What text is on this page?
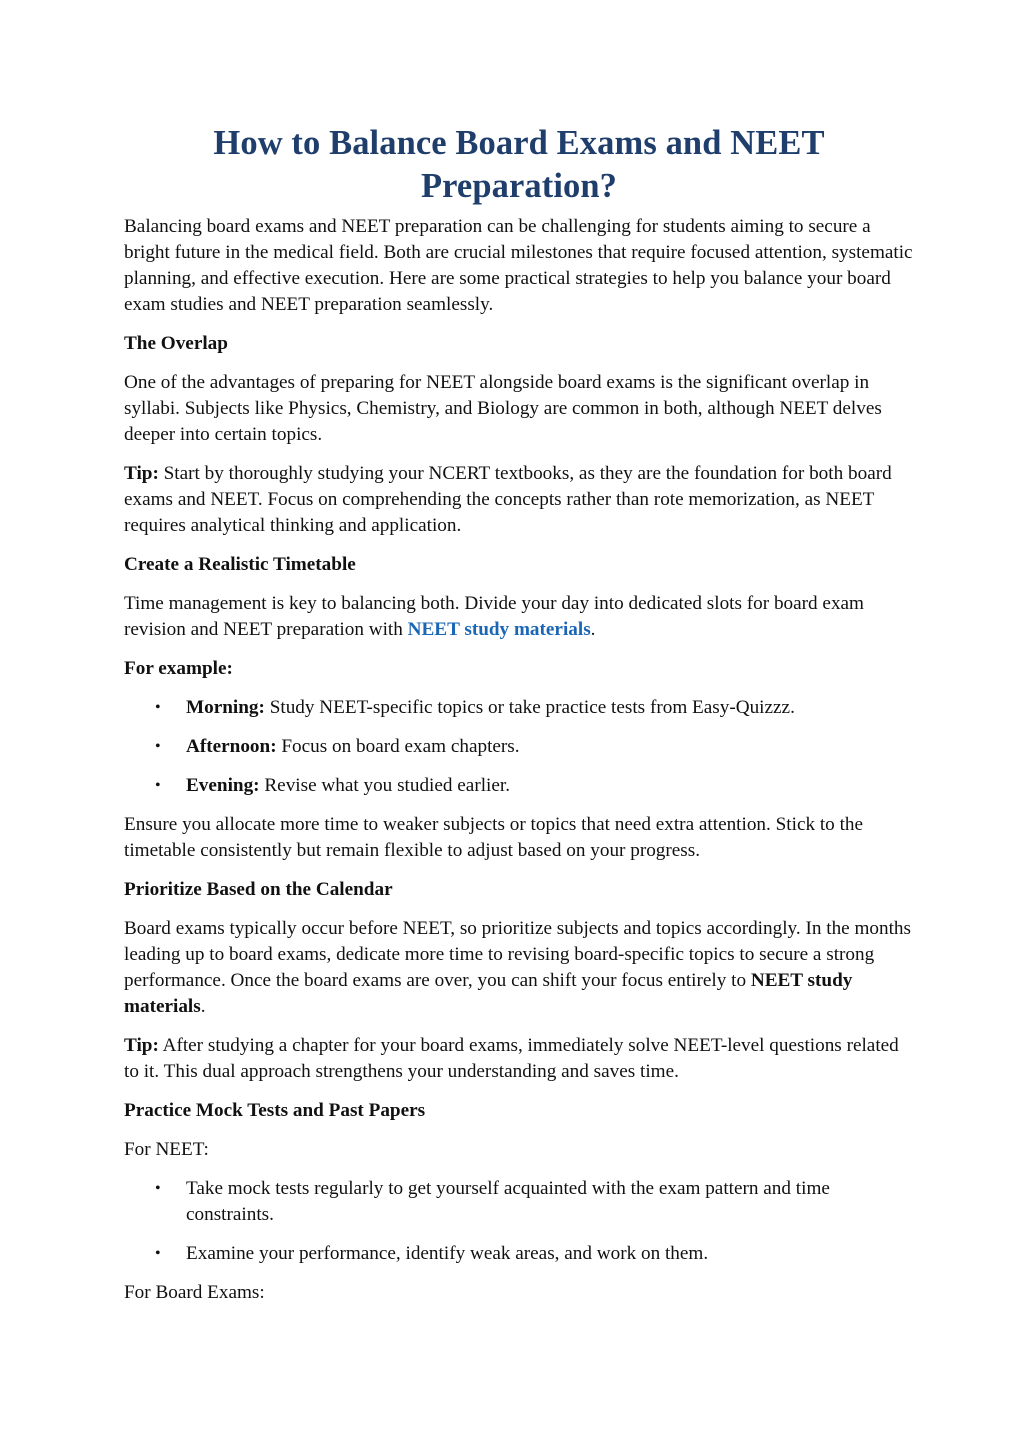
How to Balance Board Exams and NEET
Preparation?

Balancing board exams and NEET preparation can be challenging for students aiming to secure a bright future in the medical field. Both are crucial milestones that require focused attention, systematic planning, and effective execution. Here are some practical strategies to help you balance your board exam studies and NEET preparation seamlessly.

The Overlap

One of the advantages of preparing for NEET alongside board exams is the significant overlap in syllabi. Subjects like Physics, Chemistry, and Biology are common in both, although NEET delves deeper into certain topics.

Tip: Start by thoroughly studying your NCERT textbooks, as they are the foundation for both board exams and NEET. Focus on comprehending the concepts rather than rote memorization, as NEET requires analytical thinking and application.

Create a Realistic Timetable

Time management is key to balancing both. Divide your day into dedicated slots for board exam revision and NEET preparation with NEET study materials.

For example:

• Morning: Study NEET-specific topics or take practice tests from Easy-Quizzz.
• Afternoon: Focus on board exam chapters.
• Evening: Revise what you studied earlier.

Ensure you allocate more time to weaker subjects or topics that need extra attention. Stick to the timetable consistently but remain flexible to adjust based on your progress.

Prioritize Based on the Calendar

Board exams typically occur before NEET, so prioritize subjects and topics accordingly. In the months leading up to board exams, dedicate more time to revising board-specific topics to secure a strong performance. Once the board exams are over, you can shift your focus entirely to NEET study materials.

Tip: After studying a chapter for your board exams, immediately solve NEET-level questions related to it. This dual approach strengthens your understanding and saves time.

Practice Mock Tests and Past Papers

For NEET:

• Take mock tests regularly to get yourself acquainted with the exam pattern and time constraints.
• Examine your performance, identify weak areas, and work on them.

For Board Exams:
